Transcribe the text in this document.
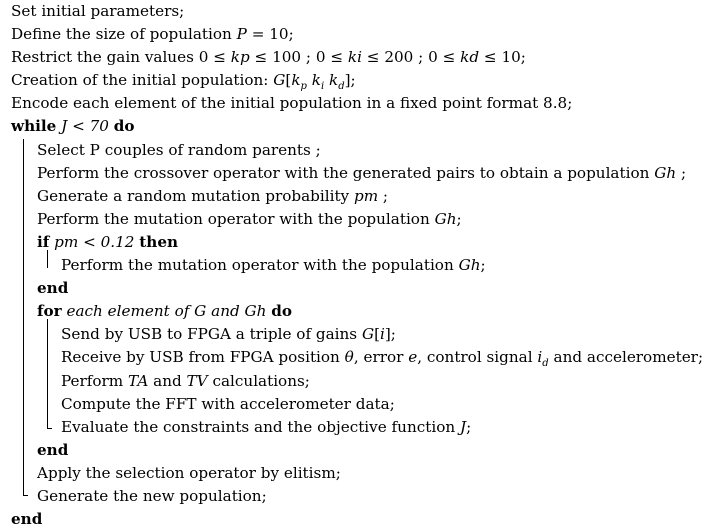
Set initial parameters;
Define the size of population P = 10;
Restrict the gain values 0 ≤ kp ≤ 100 ; 0 ≤ ki ≤ 200 ; 0 ≤ kd ≤ 10;
Creation of the initial population: $G[k_p$ $k_i$ $k_d$];
Encode each element of the initial population in a fixed point format 8.8;
while J < 70 do
Select P couples of random parents ;
Perform the crossover operator with the generated pairs to obtain a population Gh ;
Generate a random mutation probability pm ;
Perform the mutation operator with the population Gh;
if pm < 0.12 then
Perform the mutation operator with the population Gh;
end
for each element of G and Gh do
Send by USB to FPGA a triple of gains G[i];
Receive by USB from FPGA position θ, error e, control signal $i_d$ and accelerometer;
Perform TA and TV calculations;
Compute the FFT with accelerometer data;
Evaluate the constraints and the objective function J;
end
Apply the selection operator by elitism;
Generate the new population;
end
